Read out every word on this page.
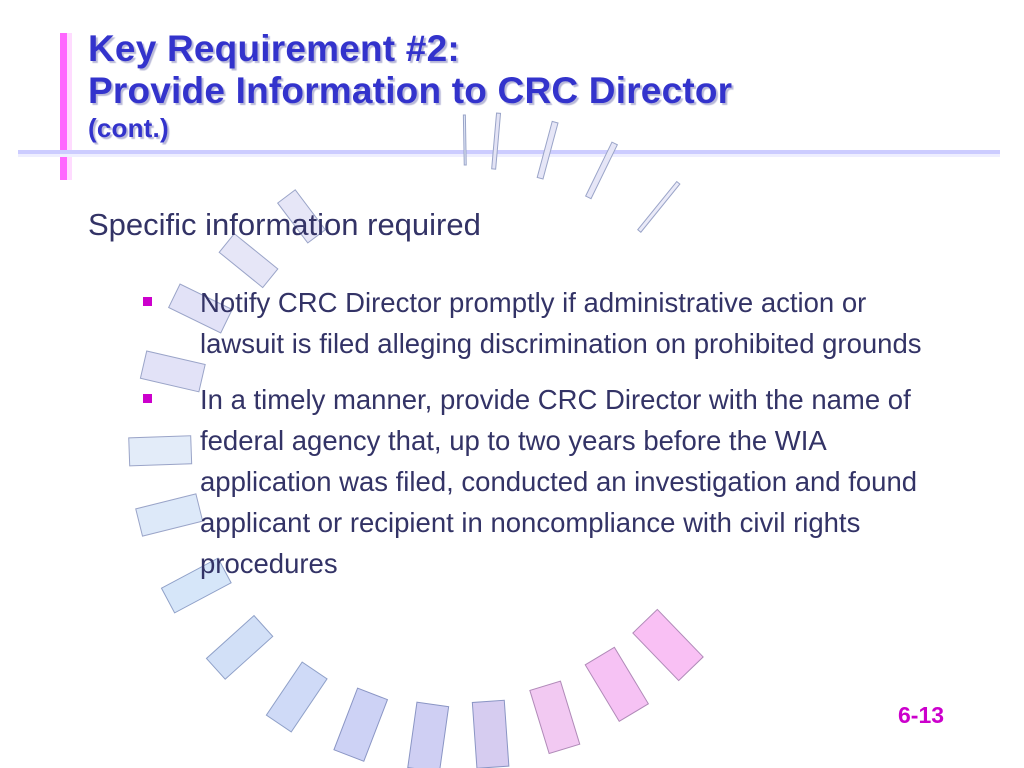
Key Requirement #2:
Provide Information to CRC Director
(cont.)
Specific information required
Notify CRC Director promptly if administrative action or lawsuit is filed alleging discrimination on prohibited grounds
In a timely manner, provide CRC Director with the name of federal agency that, up to two years before the WIA application was filed, conducted an investigation and found applicant or recipient in noncompliance with civil rights procedures
6-13
